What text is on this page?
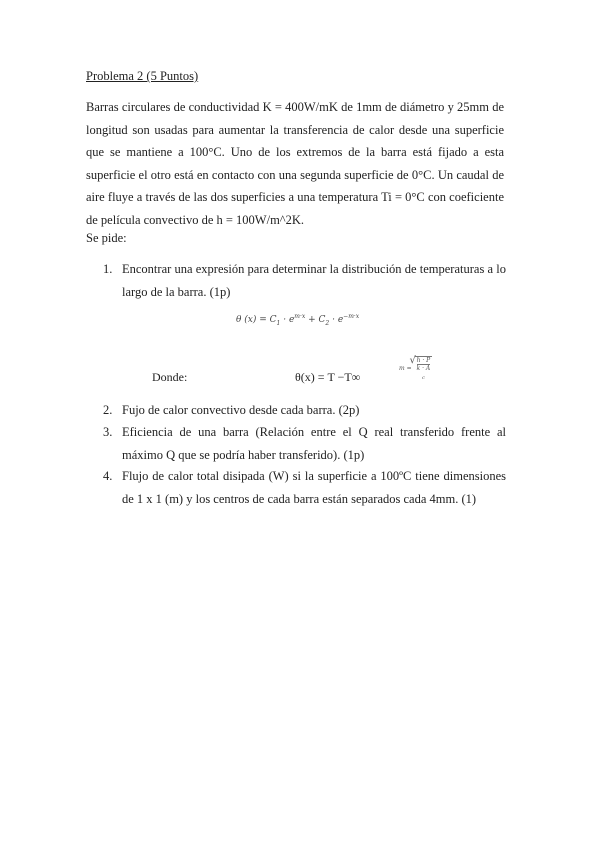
Problema 2 (5 Puntos)
Barras circulares de conductividad K = 400W/mK de 1mm de diámetro y 25mm de longitud son usadas para aumentar la transferencia de calor desde una superficie que se mantiene a 100°C. Uno de los extremos de la barra está fijado a esta superficie el otro está en contacto con una segunda superficie de 0°C. Un caudal de aire fluye a través de las dos superficies a una temperatura Ti = 0°C con coeficiente de película convectivo de h = 100W/m^2K.
Se pide:
1. Encontrar una expresión para determinar la distribución de temperaturas a lo largo de la barra. (1p)
θ $(x) = C_1 \cdot e^{m\cdot x} + C_2 \cdot e^{-m\cdot x}$
Donde:	θ(x) = T −T∞
m =
√ h · P
k · A
$_c$
2. Fujo de calor convectivo desde cada barra. (2p)
3. Eficiencia de una barra (Relación entre el Q real transferido frente al máximo Q que se podría haber transferido). (1p)
4. Flujo de calor total disipada (W) si la superficie a 100ºC tiene dimensiones de 1 x 1 (m) y los centros de cada barra están separados cada 4mm. (1)
